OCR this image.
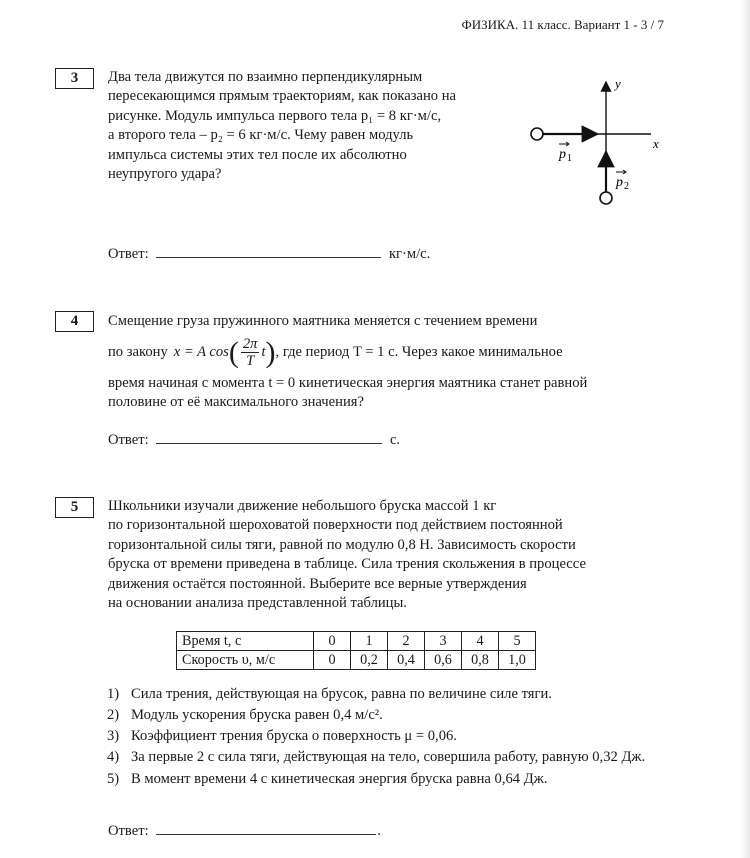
ФИЗИКА. 11 класс. Вариант 1 - 3 / 7
3	Два тела движутся по взаимно перпендикулярным
пересекающимся прямым траекториям, как показано на
рисунке. Модуль импульса первого тела p₁ = 8 кг·м/с,
а второго тела – p₂ = 6 кг·м/с. Чему равен модуль
импульса системы этих тел после их абсолютно
неупругого удара?
y
x
p 1
p 2
Ответ:	кг·м/с.
4	Смещение груза пружинного маятника меняется с течением времени
по закону x = A cos ( $\frac{2\pi}{T}$ t ) , где период T = 1 с. Через какое минимальное
время начиная с момента t = 0 кинетическая энергия маятника станет равной
половине от её максимального значения?
Ответ:	с.
5	Школьники изучали движение небольшого бруска массой 1 кг
по горизонтальной шероховатой поверхности под действием постоянной
горизонтальной силы тяги, равной по модулю 0,8 Н. Зависимость скорости
бруска от времени приведена в таблице. Сила трения скольжения в процессе
движения остаётся постоянной. Выберите все верные утверждения
на основании анализа представленной таблицы.
Время t, с	0	1	2	3	4	5
Скорость υ, м/с	0	0,2	0,4	0,6	0,8	1,0
1) Сила трения, действующая на брусок, равна по величине силе тяги.
2) Модуль ускорения бруска равен 0,4 м/с².
3) Коэффициент трения бруска о поверхность μ = 0,06.
4) За первые 2 с сила тяги, действующая на тело, совершила работу, равную 0,32 Дж.
5) В момент времени 4 с кинетическая энергия бруска равна 0,64 Дж.
Ответ:	.
